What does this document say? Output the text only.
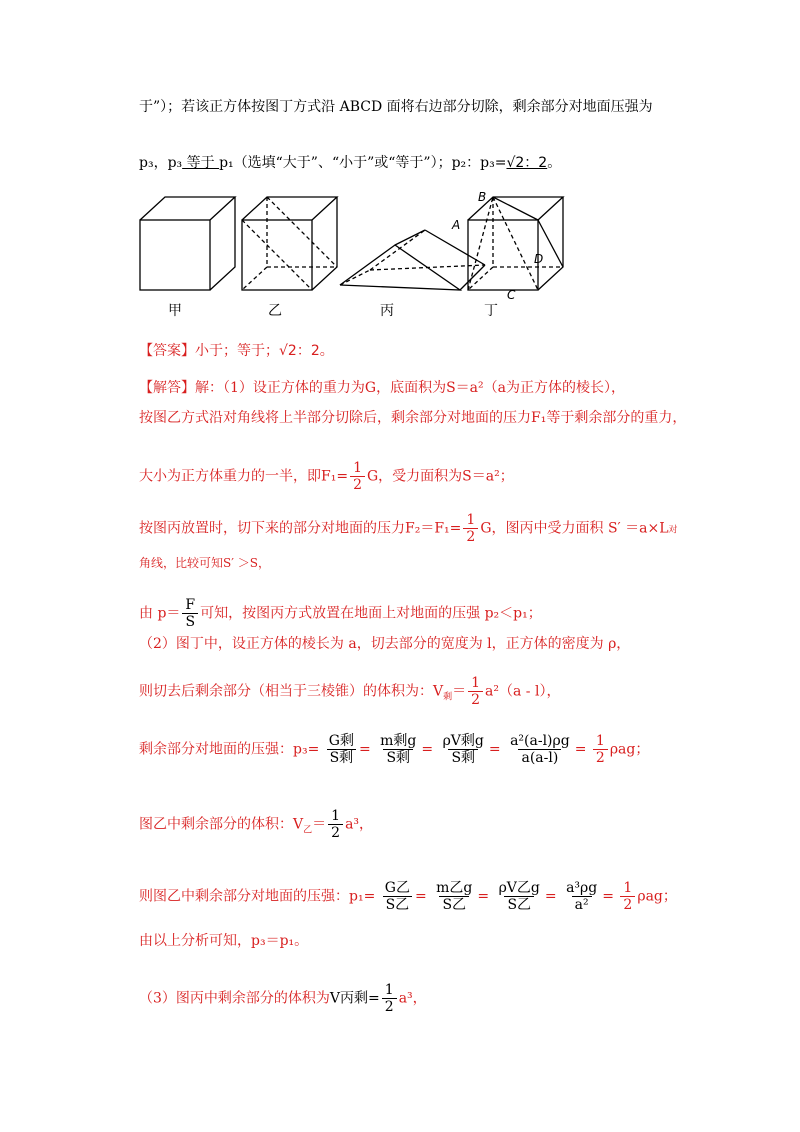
于”）；若该正方体按图丁方式沿 ABCD 面将右边部分切除，剩余部分对地面压强为
p₃，p₃ 等于 p₁（选填“大于”、“小于”或“等于”）；p₂：p₃=√2：2。
B
A
D
C
甲	乙	丙	丁
【答案】小于；等于；√2：2。
【解答】解：（1）设正方体的重力为G，底面积为S＝a²（a为正方体的棱长），
按图乙方式沿对角线将上半部分切除后，剩余部分对地面的压力F₁等于剩余部分的重力，
大小为正方体重力的一半，即$F_1= \frac{1}{2}$ G，受力面积为S＝a²；
按图丙放置时，切下来的部分对地面的压力$F_2=F_1= \frac{1}{2}$ G，图丙中受力面积 S′ ＝a×L对
角线，比较可知S′ ＞S，
由 $p= \frac{F}{S}$ 可知，按图丙方式放置在地面上对地面的压强 p₂＜p₁；
（2）图丁中，设正方体的棱长为 a，切去部分的宽度为 l，正方体的密度为 ρ，
则切去后剩余部分（相当于三棱锥）的体积为：$V_剩= \frac{1}{2} a^2(a - l)$，
剩余部分对地面的压强：$p_3= \frac{\text{G剩}}{\text{S剩}} = \frac{\text{m剩g}}{\text{S剩}} = \frac{\text{ρV剩g}}{\text{S剩}} = \frac{\text{a²(a-l)ρg}}{a(a-l)} = \frac{1}{2}$ ρag；
图乙中剩余部分的体积：$V_乙= \frac{1}{2} a^3$，
则图乙中剩余部分对地面的压强：$p_1= \frac{\text{G乙}}{\text{S乙}} = \frac{\text{m乙g}}{\text{S乙}} = \frac{\text{ρV乙g}}{\text{S乙}} = \frac{\text{a³ρg}}{\text{a²}} = \frac{1}{2}$ ρag；
由以上分析可知，p₃＝p₁。
（3）图丙中剩余部分的体积为V丙剩= $\frac{1}{2} a^3$，
